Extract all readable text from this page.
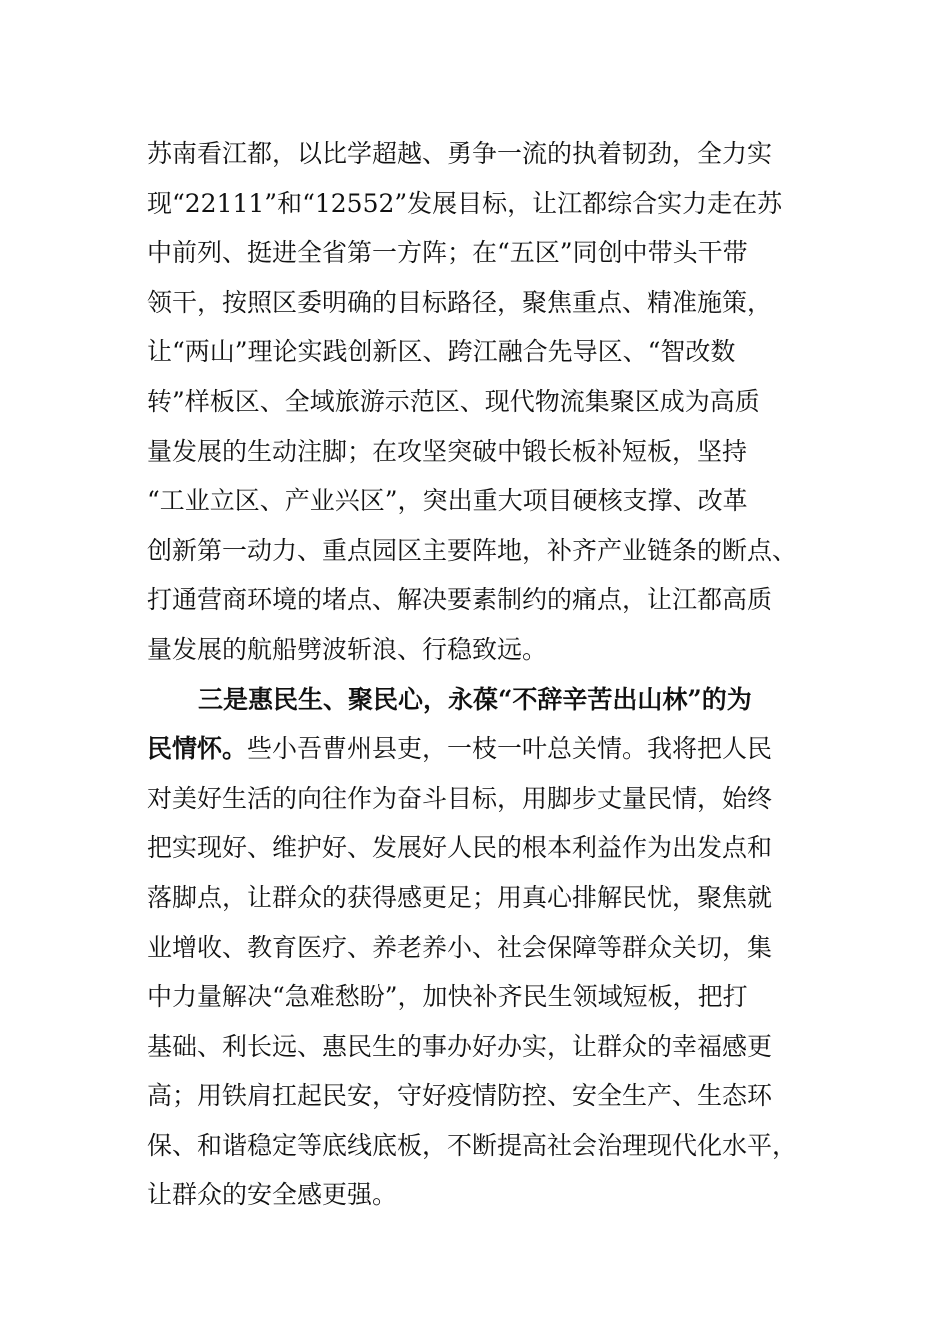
苏南看江都，以比学超越、勇争一流的执着韧劲，全力实
现“22111”和“12552”发展目标，让江都综合实力走在苏
中前列、挺进全省第一方阵；在“五区”同创中带头干带
领干，按照区委明确的目标路径，聚焦重点、精准施策，
让“两山”理论实践创新区、跨江融合先导区、“智改数
转”样板区、全域旅游示范区、现代物流集聚区成为高质
量发展的生动注脚；在攻坚突破中锻长板补短板，坚持
“工业立区、产业兴区”，突出重大项目硬核支撑、改革
创新第一动力、重点园区主要阵地，补齐产业链条的断点、
打通营商环境的堵点、解决要素制约的痛点，让江都高质
量发展的航船劈波斩浪、行稳致远。
三是惠民生、聚民心，永葆“不辞辛苦出山林”的为
民情怀。些小吾曹州县吏，一枝一叶总关情。我将把人民
对美好生活的向往作为奋斗目标，用脚步丈量民情，始终
把实现好、维护好、发展好人民的根本利益作为出发点和
落脚点，让群众的获得感更足；用真心排解民忧，聚焦就
业增收、教育医疗、养老养小、社会保障等群众关切，集
中力量解决“急难愁盼”，加快补齐民生领域短板，把打
基础、利长远、惠民生的事办好办实，让群众的幸福感更
高；用铁肩扛起民安，守好疫情防控、安全生产、生态环
保、和谐稳定等底线底板，不断提高社会治理现代化水平，
让群众的安全感更强。
